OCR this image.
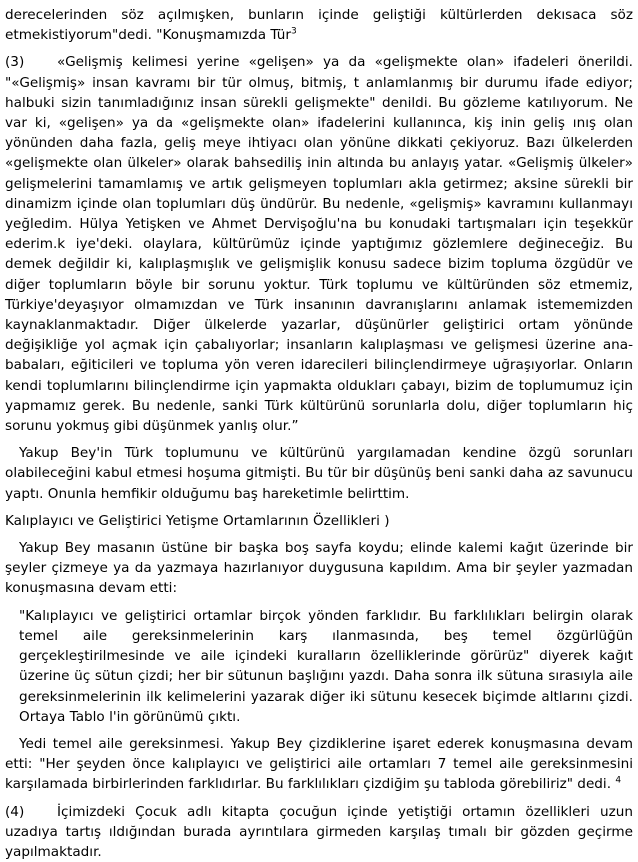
derecelerinden söz açılmışken, bunların içinde geliştiği kültürlerden dekısaca söz etmekistiyorum"dedi. "Konuşmamızda Tür$^3$

(3) «Gelişmiş kelimesi yerine «gelişen» ya da «gelişmekte olan» ifadeleri önerildi. "«Gelişmiş» insan kavramı bir tür olmuş, bitmiş, t anlamlanmış bir durumu ifade ediyor; halbuki sizin tanımladığınız insan sürekli gelişmekte" denildi. Bu gözleme katılıyorum. Ne var ki, «gelişen» ya da «gelişmekte olan» ifadelerini kullanınca, kiş inin geliş ınış olan yönünden daha fazla, geliş meye ihtiyacı olan yönüne dikkati çekiyoruz. Bazı ülkelerden «gelişmekte olan ülkeler» olarak bahsediliş inin altında bu anlayış yatar. «Gelişmiş ülkeler» gelişmelerini tamamlamış ve artık gelişmeyen toplumları akla getirmez; aksine sürekli bir dinamizm içinde olan toplumları düş ündürür. Bu nedenle, «gelişmiş» kavramını kullanmayı yeğledim. Hülya Yetişken ve Ahmet Dervişoğlu'na bu konudaki tartışmaları için teşekkür ederim.k iye'deki. olaylara, kültürümüz içinde yaptığımız gözlemlere değineceğiz. Bu demek değildir ki, kalıplaşmışlık ve gelişmişlik konusu sadece bizim topluma özgüdür ve diğer toplumların böyle bir sorunu yoktur. Türk toplumu ve kültüründen söz etmemiz, Türkiye'deyaşıyor olmamızdan ve Türk insanının davranışlarını anlamak istememizden kaynaklanmaktadır. Diğer ülkelerde yazarlar, düşünürler geliştirici ortam yönünde değişikliğe yol açmak için çabalıyorlar; insanların kalıplaşması ve gelişmesi üzerine ana-babaları, eğiticileri ve topluma yön veren idarecileri bilinçlendirmeye uğraşıyorlar. Onların kendi toplumlarını bilinçlendirme için yapmakta oldukları çabayı, bizim de toplumumuz için yapmamız gerek. Bu nedenle, sanki Türk kültürünü sorunlarla dolu, diğer toplumların hiç sorunu yokmuş gibi düşünmek yanlış olur.”

Yakup Bey'in Türk toplumunu ve kültürünü yargılamadan kendine özgü sorunları olabileceğini kabul etmesi hoşuma gitmişti. Bu tür bir düşünüş beni sanki daha az savunucu yaptı. Onunla hemfikir olduğumu baş hareketimle belirttim.

Kalıplayıcı ve Geliştirici Yetişme Ortamlarının Özellikleri )

Yakup Bey masanın üstüne bir başka boş sayfa koydu; elinde kalemi kağıt üzerinde bir şeyler çizmeye ya da yazmaya hazırlanıyor duygusuna kapıldım. Ama bir şeyler yazmadan konuşmasına devam etti:

"Kalıplayıcı ve geliştirici ortamlar birçok yönden farklıdır. Bu farklılıkları belirgin olarak temel aile gereksinmelerinin karş ılanmasında, beş temel özgürlüğün gerçekleştirilmesinde ve aile içindeki kuralların özelliklerinde görürüz" diyerek kağıt üzerine üç sütun çizdi; her bir sütunun başlığını yazdı. Daha sonra ilk sütuna sırasıyla aile gereksinmelerinin ilk kelimelerini yazarak diğer iki sütunu kesecek biçimde altlarını çizdi. Ortaya Tablo l'in görünümü çıktı.

Yedi temel aile gereksinmesi. Yakup Bey çizdiklerine işaret ederek konuşmasına devam etti: "Her şeyden önce kalıplayıcı ve geliştirici aile ortamları 7 temel aile gereksinmesini karşılamada birbirlerinden farklıdırlar. Bu farklılıkları çizdiğim şu tabloda görebiliriz" dedi. $^4$

(4) İçimizdeki Çocuk adlı kitapta çocuğun içinde yetiştiği ortamın özellikleri uzun uzadıya tartış ıldığından burada ayrıntılara girmeden karşılaş tımalı bir gözden geçirme yapılmaktadır.
